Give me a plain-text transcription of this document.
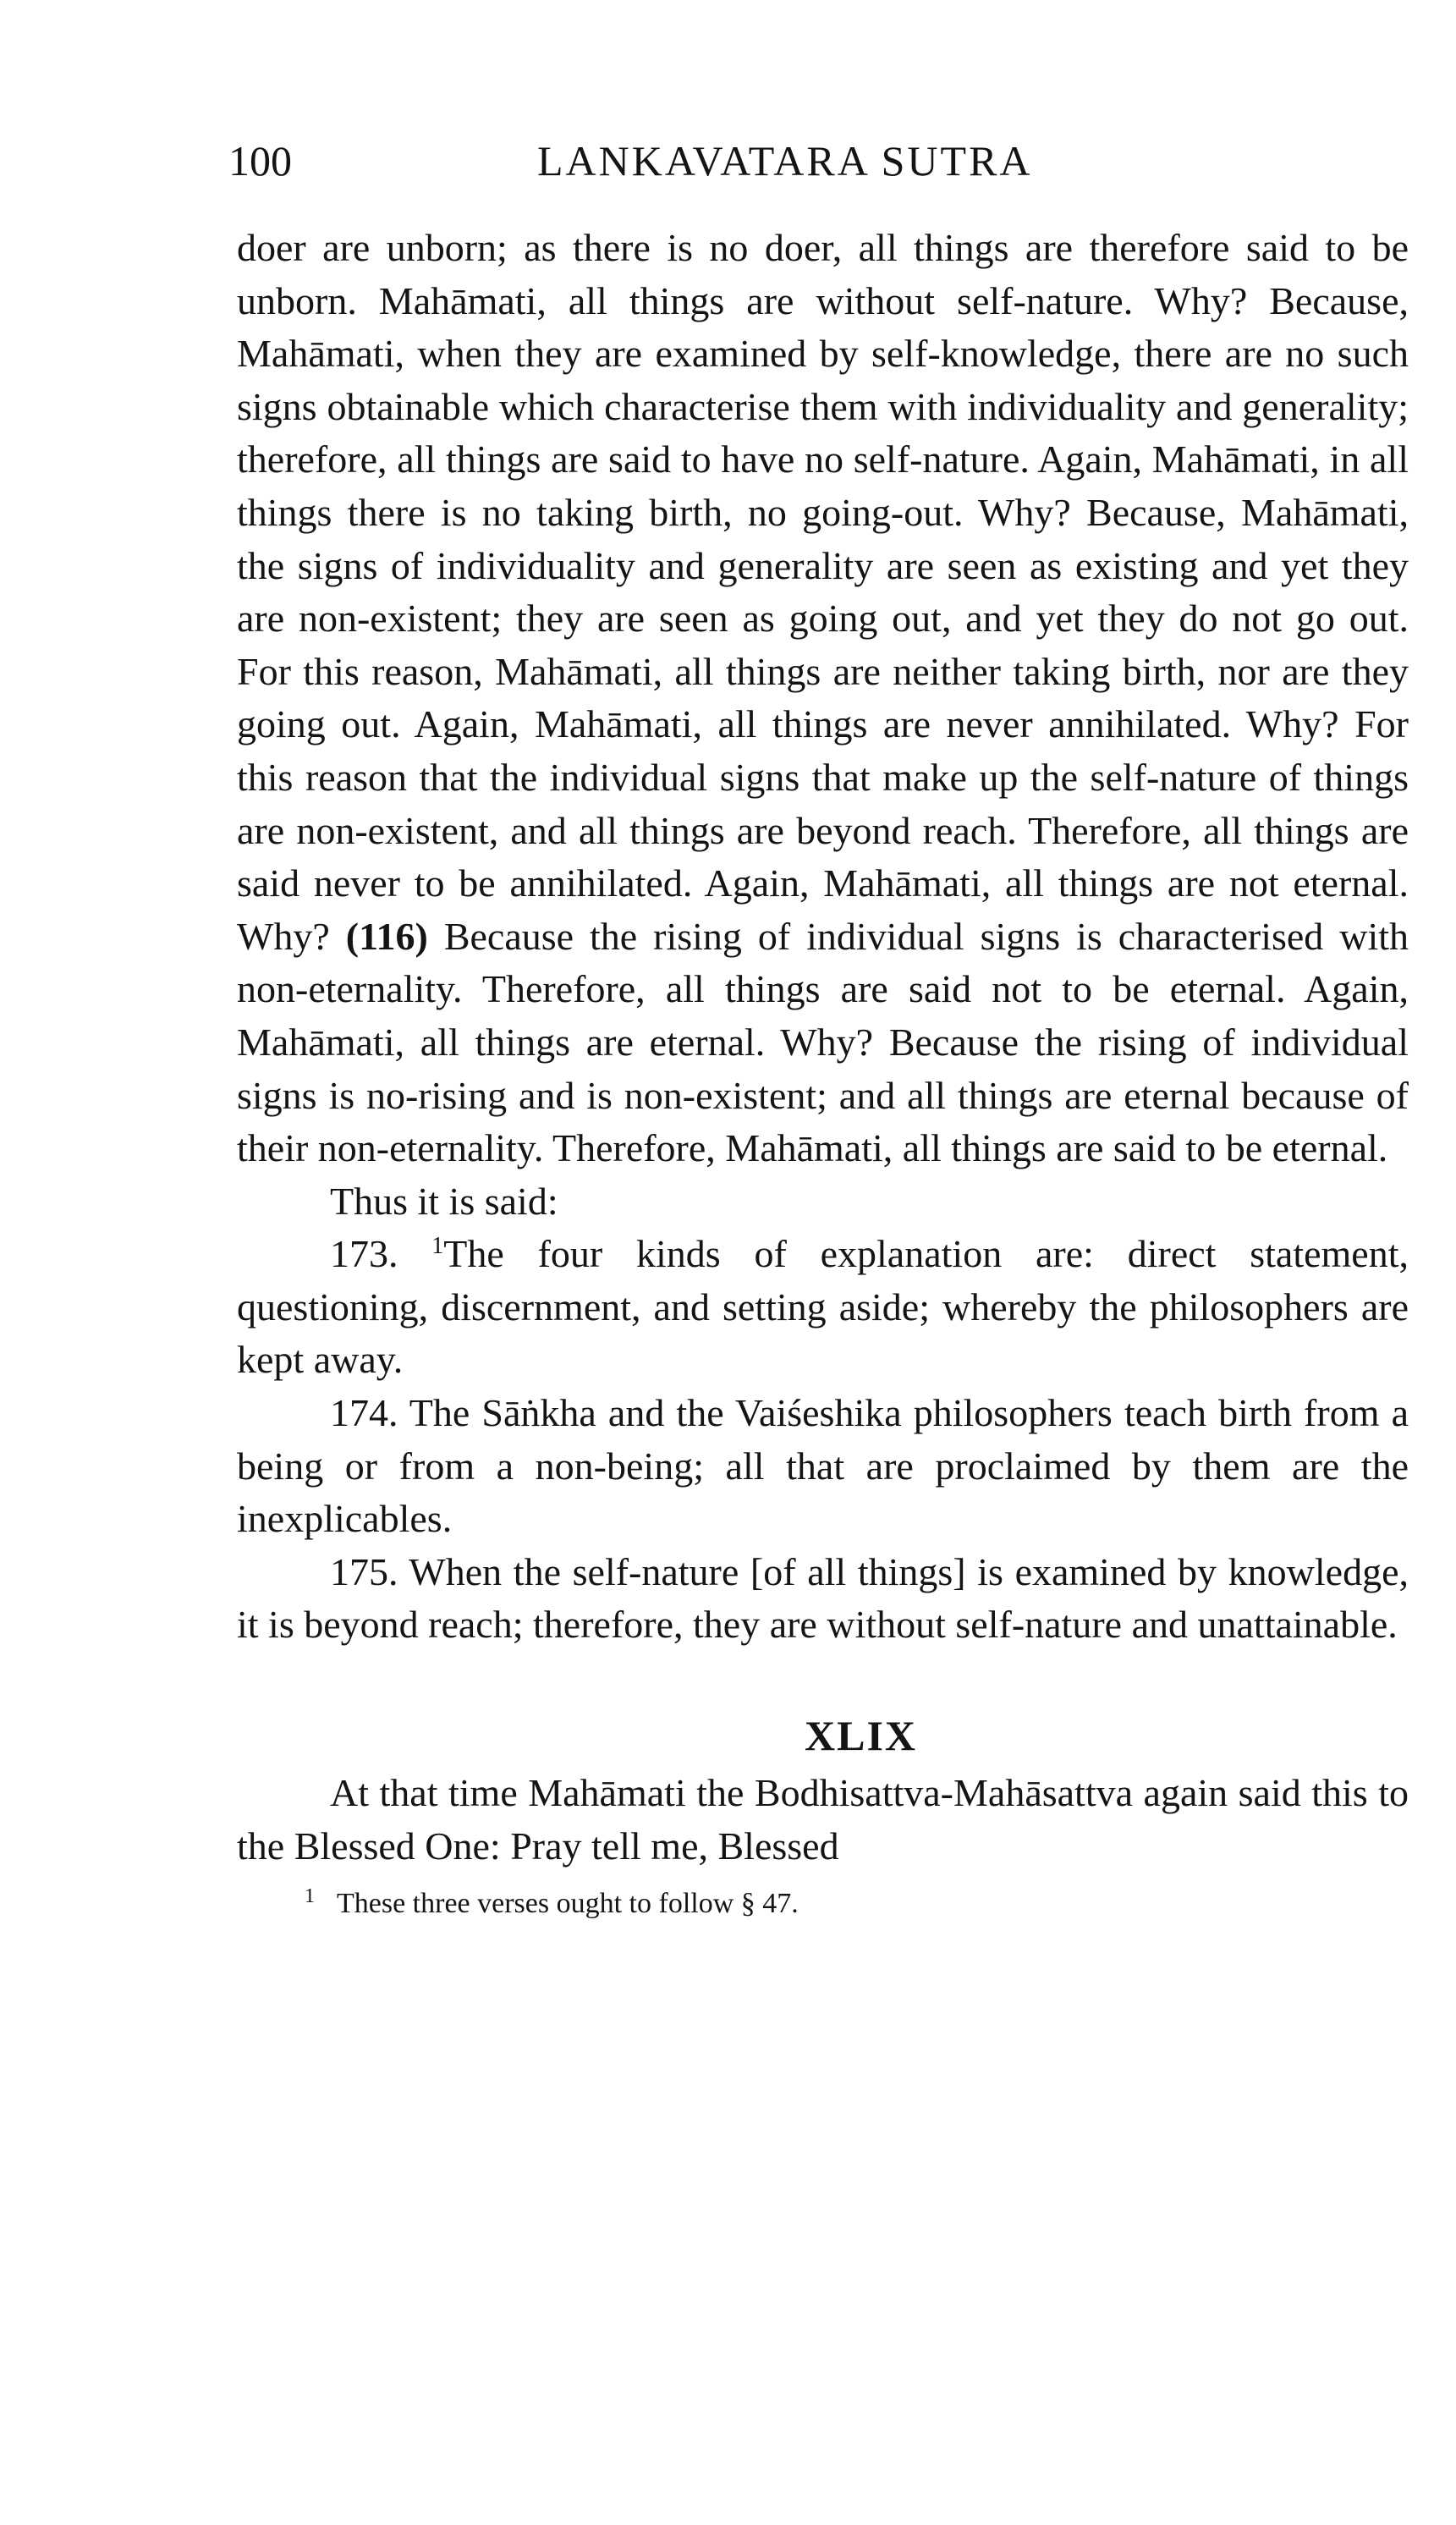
100	LANKAVATARA SUTRA

doer are unborn; as there is no doer, all things are therefore said to be unborn. Mahāmati, all things are without self-nature. Why? Because, Mahāmati, when they are examined by self-knowledge, there are no such signs obtainable which characterise them with individuality and generality; therefore, all things are said to have no self-nature. Again, Mahāmati, in all things there is no taking birth, no going-out. Why? Because, Mahāmati, the signs of individuality and generality are seen as existing and yet they are non-existent; they are seen as going out, and yet they do not go out. For this reason, Mahāmati, all things are neither taking birth, nor are they going out. Again, Mahāmati, all things are never annihilated. Why? For this reason that the individual signs that make up the self-nature of things are non-existent, and all things are beyond reach. Therefore, all things are said never to be annihilated. Again, Mahāmati, all things are not eternal. Why? (116) Because the rising of individual signs is characterised with non-eternality. Therefore, all things are said not to be eternal. Again, Mahāmati, all things are eternal. Why? Because the rising of individual signs is no-rising and is non-existent; and all things are eternal because of their non-eternality. Therefore, Mahāmati, all things are said to be eternal.

Thus it is said:

173. $^1$The four kinds of explanation are: direct statement, questioning, discernment, and setting aside; whereby the philosophers are kept away.

174. The Sāṅkha and the Vaiśeshika philosophers teach birth from a being or from a non-being; all that are proclaimed by them are the inexplicables.

175. When the self-nature [of all things] is examined by knowledge, it is beyond reach; therefore, they are without self-nature and unattainable.

XLIX

At that time Mahāmati the Bodhisattva-Mahāsattva again said this to the Blessed One: Pray tell me, Blessed

$^1$ These three verses ought to follow § 47.
